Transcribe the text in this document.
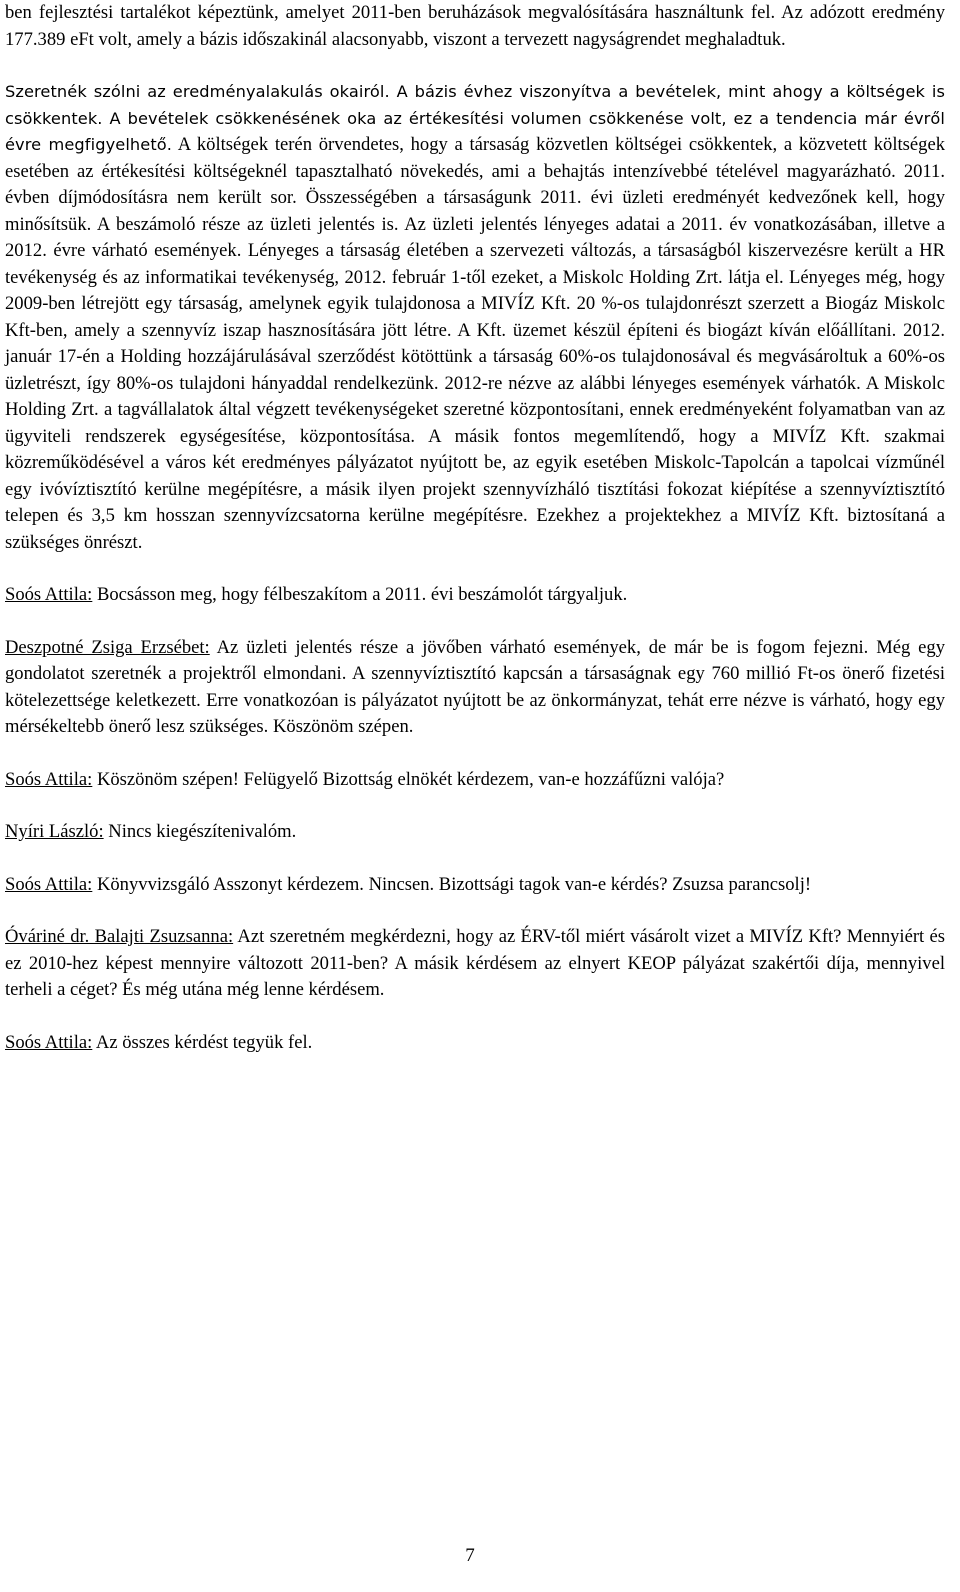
ben fejlesztési tartalékot képeztünk, amelyet 2011-ben beruházások megvalósítására használtunk fel. Az adózott eredmény 177.389 eFt volt, amely a bázis időszakinál alacsonyabb, viszont a tervezett nagyságrendet meghaladtuk.

Szeretnék szólni az eredményalakulás okairól. A bázis évhez viszonyítva a bevételek, mint ahogy a költségek is csökkentek. A bevételek csökkenésének oka az értékesítési volumen csökkenése volt, ez a tendencia már évről évre megfigyelhető. A költségek terén örvendetes, hogy a társaság közvetlen költségei csökkentek, a közvetett költségek esetében az értékesítési költségeknél tapasztalható növekedés, ami a behajtás intenzívebbé tételével magyarázható. 2011. évben díjmódosításra nem került sor. Összességében a társaságunk 2011. évi üzleti eredményét kedvezőnek kell, hogy minősítsük. A beszámoló része az üzleti jelentés is. Az üzleti jelentés lényeges adatai a 2011. év vonatkozásában, illetve a 2012. évre várható események. Lényeges a társaság életében a szervezeti változás, a társaságból kiszervezésre került a HR tevékenység és az informatikai tevékenység, 2012. február 1-től ezeket, a Miskolc Holding Zrt. látja el. Lényeges még, hogy 2009-ben létrejött egy társaság, amelynek egyik tulajdonosa a MIVÍZ Kft. 20 %-os tulajdonrészt szerzett a Biogáz Miskolc Kft-ben, amely a szennyvíz iszap hasznosítására jött létre. A Kft. üzemet készül építeni és biogázt kíván előállítani. 2012. január 17-én a Holding hozzájárulásával szerződést kötöttünk a társaság 60%-os tulajdonosával és megvásároltuk a 60%-os üzletrészt, így 80%-os tulajdoni hányaddal rendelkezünk. 2012-re nézve az alábbi lényeges események várhatók. A Miskolc Holding Zrt. a tagvállalatok által végzett tevékenységeket szeretné központosítani, ennek eredményeként folyamatban van az ügyviteli rendszerek egységesítése, központosítása. A másik fontos megemlítendő, hogy a MIVÍZ Kft. szakmai közreműködésével a város két eredményes pályázatot nyújtott be, az egyik esetében Miskolc-Tapolcán a tapolcai vízműnél egy ivóvíztisztító kerülne megépítésre, a másik ilyen projekt szennyvízháló tisztítási fokozat kiépítése a szennyvíztisztító telepen és 3,5 km hosszan szennyvízcsatorna kerülne megépítésre. Ezekhez a projektekhez a MIVÍZ Kft. biztosítaná a szükséges önrészt.

Soós Attila: Bocsásson meg, hogy félbeszakítom a 2011. évi beszámolót tárgyaljuk.

Deszpotné Zsiga Erzsébet: Az üzleti jelentés része a jövőben várható események, de már be is fogom fejezni. Még egy gondolatot szeretnék a projektről elmondani. A szennyvíztisztító kapcsán a társaságnak egy 760 millió Ft-os önerő fizetési kötelezettsége keletkezett. Erre vonatkozóan is pályázatot nyújtott be az önkormányzat, tehát erre nézve is várható, hogy egy mérsékeltebb önerő lesz szükséges. Köszönöm szépen.

Soós Attila: Köszönöm szépen! Felügyelő Bizottság elnökét kérdezem, van-e hozzáfűzni valója?

Nyíri László: Nincs kiegészítenivalóm.

Soós Attila: Könyvvizsgáló Asszonyt kérdezem. Nincsen. Bizottsági tagok van-e kérdés? Zsuzsa parancsolj!

Óváriné dr. Balajti Zsuzsanna: Azt szeretném megkérdezni, hogy az ÉRV-től miért vásárolt vizet a MIVÍZ Kft? Mennyiért és ez 2010-hez képest mennyire változott 2011-ben? A másik kérdésem az elnyert KEOP pályázat szakértői díja, mennyivel terheli a céget? És még utána még lenne kérdésem.

Soós Attila: Az összes kérdést tegyük fel.

7
